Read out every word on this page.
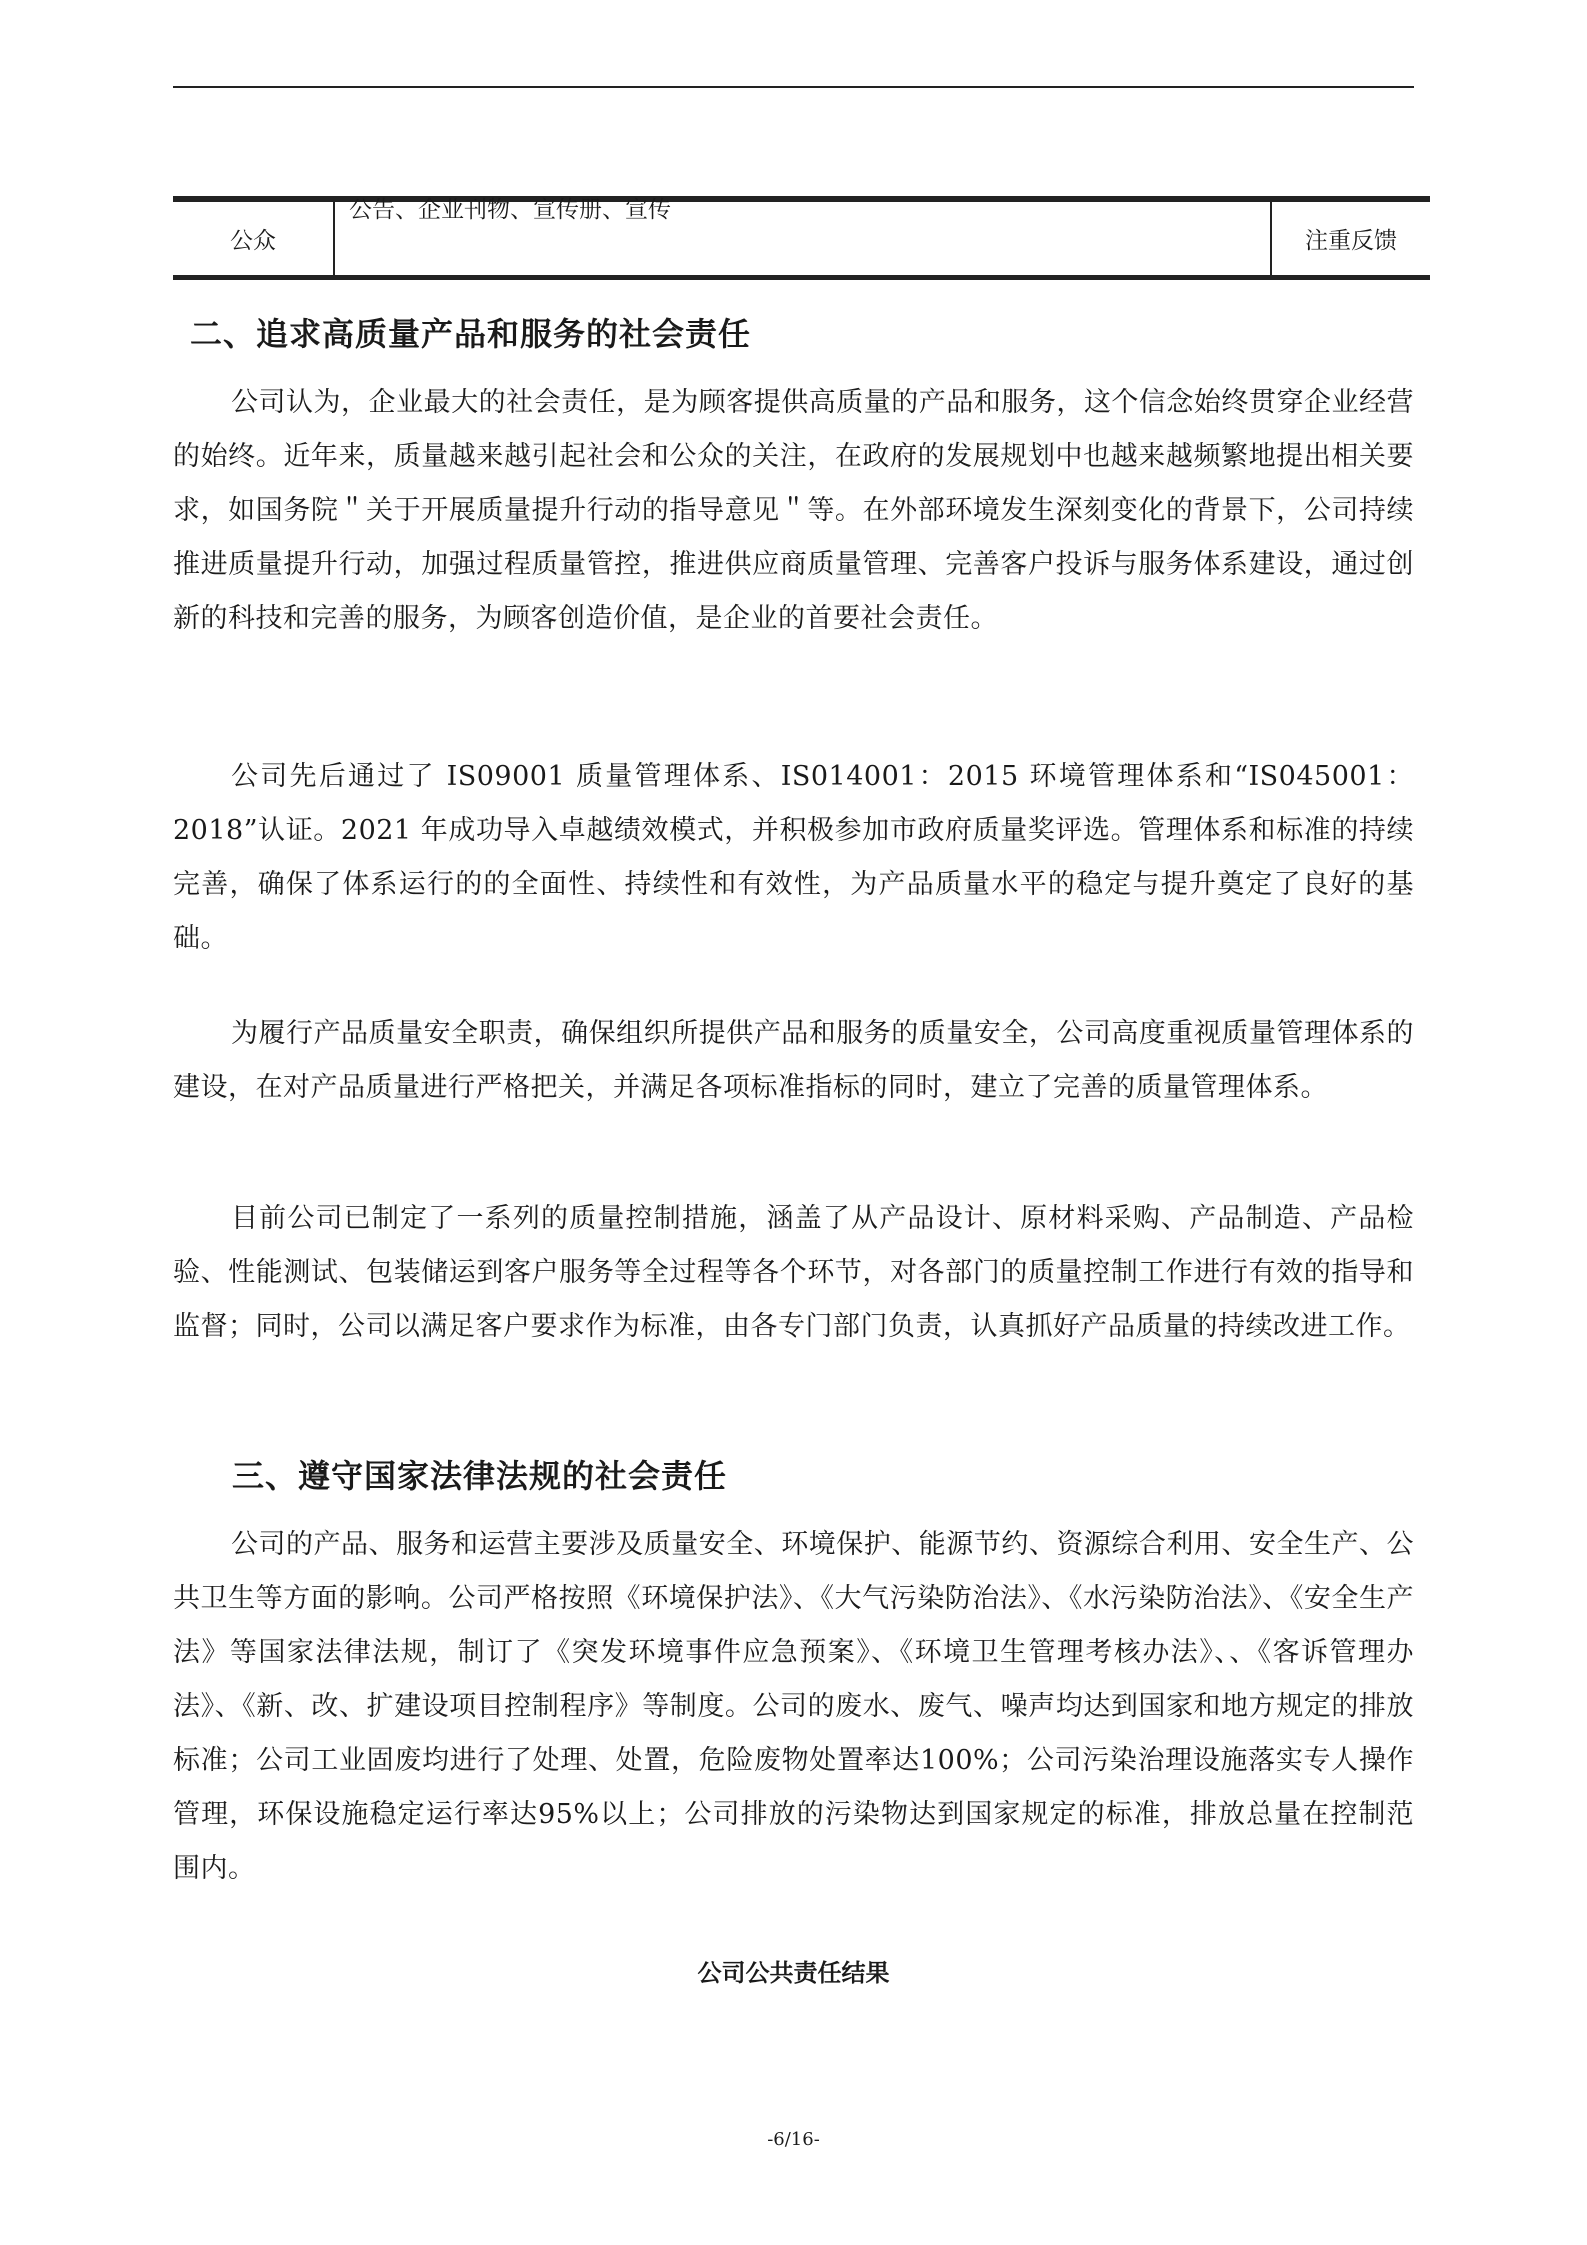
公众
公告、企业刊物、宣传册、宣传
注重反馈
二、追求高质量产品和服务的社会责任
公司认为，企业最大的社会责任，是为顾客提供高质量的产品和服务，这个信念始终贯穿企业经营的始终。近年来，质量越来越引起社会和公众的关注，在政府的发展规划中也越来越频繁地提出相关要求，如国务院＂关于开展质量提升行动的指导意见＂等。在外部环境发生深刻变化的背景下，公司持续推进质量提升行动，加强过程质量管控，推进供应商质量管理、完善客户投诉与服务体系建设，通过创新的科技和完善的服务，为顾客创造价值，是企业的首要社会责任。
公司先后通过了 IS09001 质量管理体系、IS014001：2015 环境管理体系和“IS045001：2018”认证。2021 年成功导入卓越绩效模式，并积极参加市政府质量奖评选。管理体系和标准的持续完善，确保了体系运行的的全面性、持续性和有效性，为产品质量水平的稳定与提升奠定了良好的基础。
为履行产品质量安全职责，确保组织所提供产品和服务的质量安全，公司高度重视质量管理体系的建设，在对产品质量进行严格把关，并满足各项标准指标的同时，建立了完善的质量管理体系。
目前公司已制定了一系列的质量控制措施，涵盖了从产品设计、原材料采购、产品制造、产品检验、性能测试、包装储运到客户服务等全过程等各个环节，对各部门的质量控制工作进行有效的指导和监督；同时，公司以满足客户要求作为标准，由各专门部门负责，认真抓好产品质量的持续改进工作。
三、遵守国家法律法规的社会责任
公司的产品、服务和运营主要涉及质量安全、环境保护、能源节约、资源综合利用、安全生产、公共卫生等方面的影响。公司严格按照《环境保护法》、《大气污染防治法》、《水污染防治法》、《安全生产法》等国家法律法规，制订了《突发环境事件应急预案》、《环境卫生管理考核办法》、、《客诉管理办法》、《新、改、扩建设项目控制程序》等制度。公司的废水、废气、噪声均达到国家和地方规定的排放标准；公司工业固废均进行了处理、处置，危险废物处置率达100%；公司污染治理设施落实专人操作管理，环保设施稳定运行率达95%以上；公司排放的污染物达到国家规定的标准，排放总量在控制范围内。
公司公共责任结果
-6/16-
